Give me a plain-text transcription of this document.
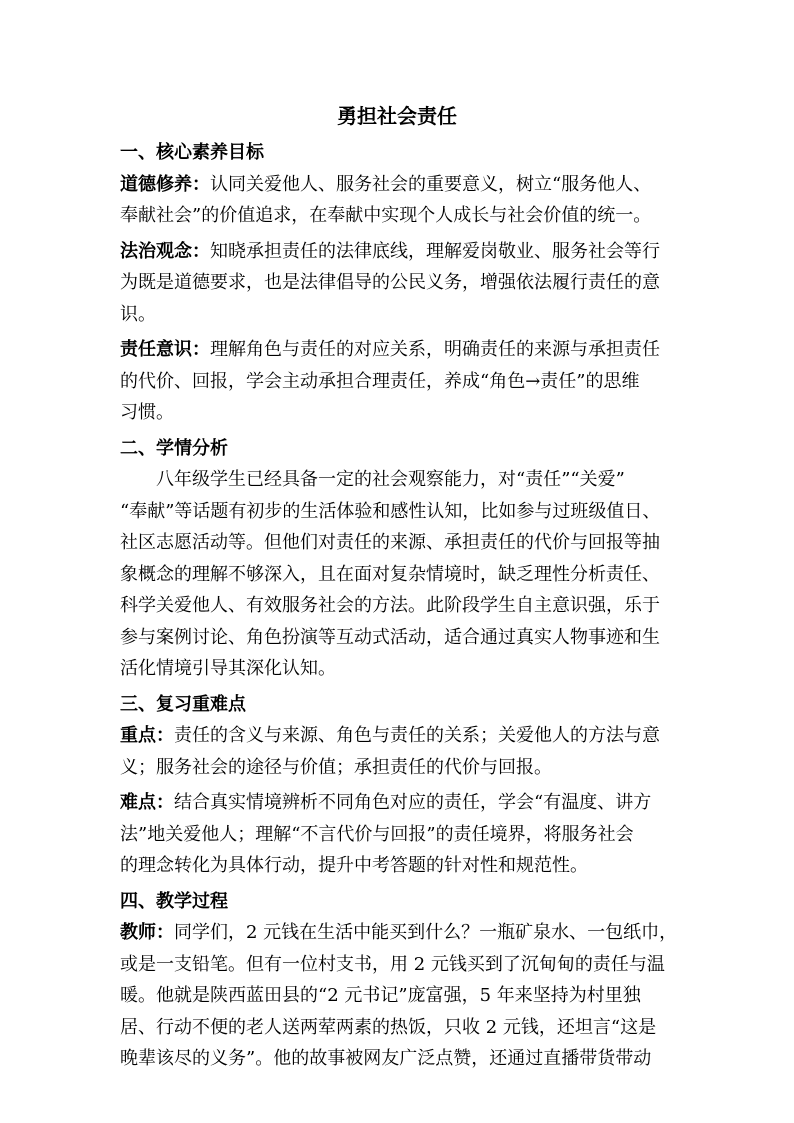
勇担社会责任

一、核心素养目标

道德修养：认同关爱他人、服务社会的重要意义，树立“服务他人、
奉献社会”的价值追求，在奉献中实现个人成长与社会价值的统一。

法治观念：知晓承担责任的法律底线，理解爱岗敬业、服务社会等行
为既是道德要求，也是法律倡导的公民义务，增强依法履行责任的意
识。

责任意识：理解角色与责任的对应关系，明确责任的来源与承担责任
的代价、回报，学会主动承担合理责任，养成“角色→责任”的思维
习惯。

二、学情分析

八年级学生已经具备一定的社会观察能力，对“责任”“关爱”
“奉献”等话题有初步的生活体验和感性认知，比如参与过班级值日、
社区志愿活动等。但他们对责任的来源、承担责任的代价与回报等抽
象概念的理解不够深入，且在面对复杂情境时，缺乏理性分析责任、
科学关爱他人、有效服务社会的方法。此阶段学生自主意识强，乐于
参与案例讨论、角色扮演等互动式活动，适合通过真实人物事迹和生
活化情境引导其深化认知。

三、复习重难点

重点：责任的含义与来源、角色与责任的关系；关爱他人的方法与意
义；服务社会的途径与价值；承担责任的代价与回报。

难点：结合真实情境辨析不同角色对应的责任，学会“有温度、讲方
法”地关爱他人；理解“不言代价与回报”的责任境界，将服务社会
的理念转化为具体行动，提升中考答题的针对性和规范性。

四、教学过程

教师：同学们，2 元钱在生活中能买到什么？一瓶矿泉水、一包纸巾，
或是一支铅笔。但有一位村支书，用 2 元钱买到了沉甸甸的责任与温
暖。他就是陕西蓝田县的“2 元书记”庞富强，5 年来坚持为村里独
居、行动不便的老人送两荤两素的热饭，只收 2 元钱，还坦言“这是
晚辈该尽的义务”。他的故事被网友广泛点赞，还通过直播带货带动
